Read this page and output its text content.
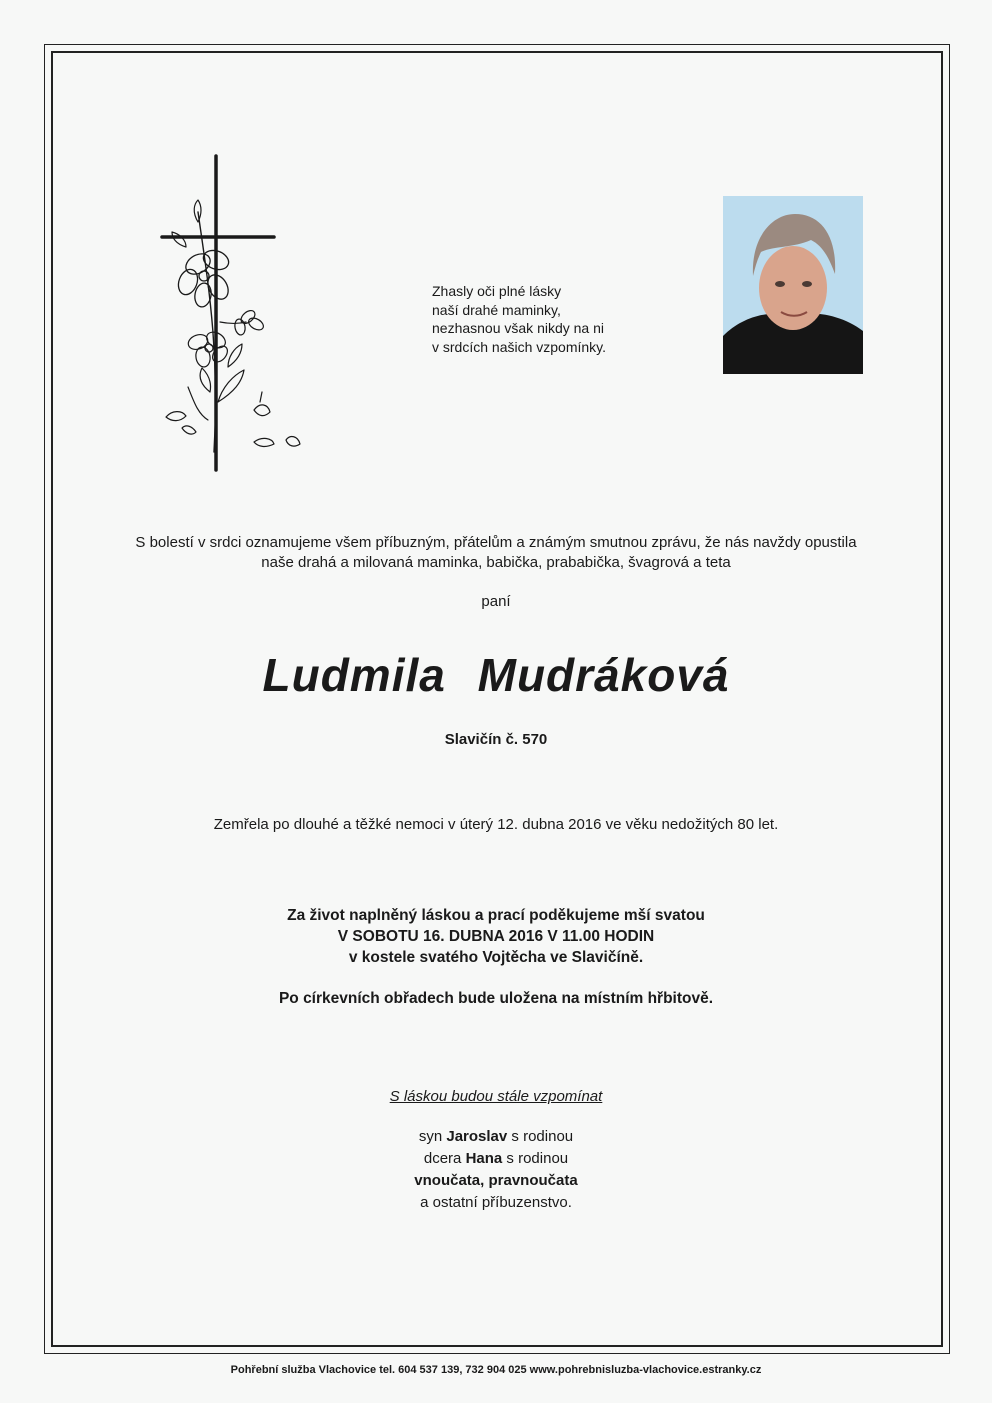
Zhasly oči plné lásky
naší drahé maminky,
nezhasnou však nikdy na ni
v srdcích našich vzpomínky.
S bolestí v srdci oznamujeme všem příbuzným, přátelům a známým smutnou zprávu, že nás navždy opustila
naše drahá a milovaná maminka, babička, prababička, švagrová a teta
paní
Ludmila Mudráková
Slavičín č. 570
Zemřela po dlouhé a těžké nemoci v úterý 12. dubna 2016 ve věku nedožitých 80 let.
Za život naplněný láskou a prací poděkujeme mší svatou
V SOBOTU 16. DUBNA 2016 V 11.00 HODIN
v kostele svatého Vojtěcha ve Slavičíně.
Po církevních obřadech bude uložena na místním hřbitově.
S láskou budou stále vzpomínat
syn Jaroslav s rodinou
dcera Hana s rodinou
vnoučata, pravnoučata
a ostatní příbuzenstvo.
Pohřební služba Vlachovice tel. 604 537 139, 732 904 025 www.pohrebnisluzba-vlachovice.estranky.cz
